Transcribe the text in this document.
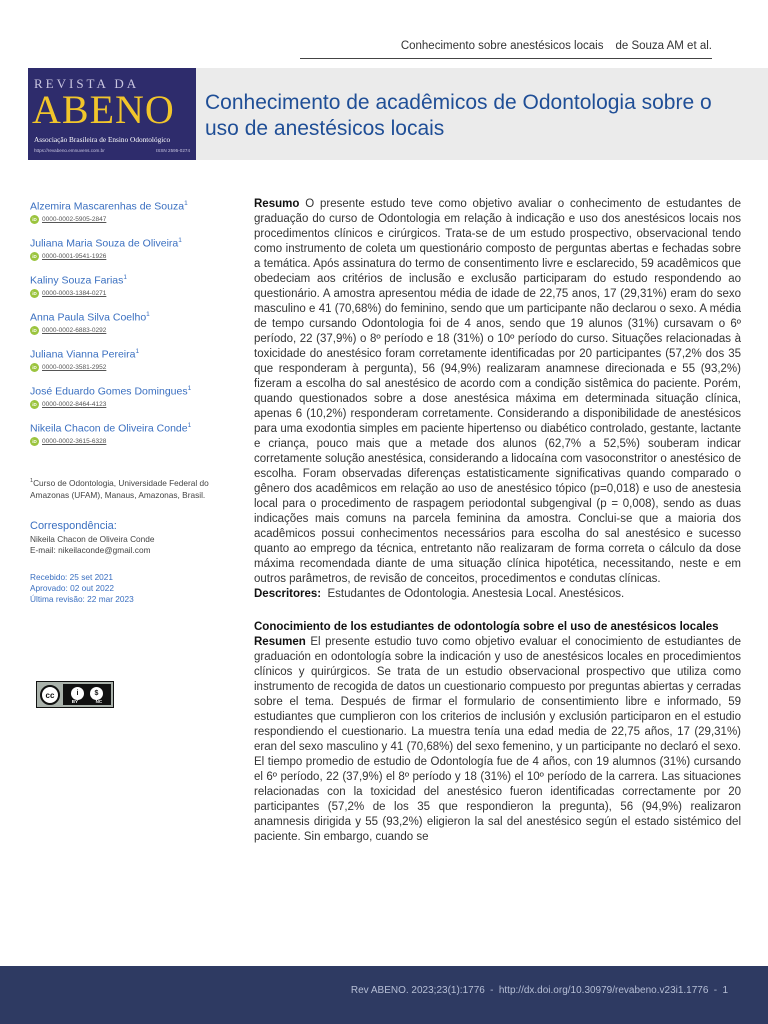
Conhecimento sobre anestésicos locais de Souza AM et al.
REVISTA DA
ABENO
Associação Brasileira de Ensino Odontológico
https://revabeno.emnuvens.com.br	ISSN 2595-0274
Conhecimento de acadêmicos de Odontologia sobre o uso de anestésicos locais
Alzemira Mascarenhas de Souza$^1$
iD 0000-0002-5905-2847
Juliana Maria Souza de Oliveira$^1$
iD 0000-0001-9541-1926
Kaliny Souza Farias$^1$
iD 0000-0003-1384-0271
Anna Paula Silva Coelho$^1$
iD 0000-0002-6883-0292
Juliana Vianna Pereira$^1$
iD 0000-0002-3581-2952
José Eduardo Gomes Domingues$^1$
iD 0000-0002-8464-4123
Nikeila Chacon de Oliveira Conde$^1$
iD 0000-0002-3615-6328
$^1$Curso de Odontologia, Universidade Federal do Amazonas (UFAM), Manaus, Amazonas, Brasil.
Correspondência:
Nikeila Chacon de Oliveira Conde
E-mail: nikeilaconde@gmail.com
Recebido: 25 set 2021
Aprovado: 02 out 2022
Última revisão: 22 mar 2023
cc	i	$
BY	NC

Resumo O presente estudo teve como objetivo avaliar o conhecimento de estudantes de graduação do curso de Odontologia em relação à indicação e uso dos anestésicos locais nos procedimentos clínicos e cirúrgicos. Trata-se de um estudo prospectivo, observacional tendo como instrumento de coleta um questionário composto de perguntas abertas e fechadas sobre a temática. Após assinatura do termo de consentimento livre e esclarecido, 59 acadêmicos que obedeciam aos critérios de inclusão e exclusão participaram do estudo respondendo ao questionário. A amostra apresentou média de idade de 22,75 anos, 17 (29,31%) eram do sexo masculino e 41 (70,68%) do feminino, sendo que um participante não declarou o sexo. A média de tempo cursando Odontologia foi de 4 anos, sendo que 19 alunos (31%) cursavam o 6º período, 22 (37,9%) o 8º período e 18 (31%) o 10º período do curso. Situações relacionadas à toxicidade do anestésico foram corretamente identificadas por 20 participantes (57,2% dos 35 que responderam à pergunta), 56 (94,9%) realizaram anamnese direcionada e 55 (93,2%) fizeram a escolha do sal anestésico de acordo com a condição sistêmica do paciente. Porém, quando questionados sobre a dose anestésica máxima em determinada situação clínica, apenas 6 (10,2%) responderam corretamente. Considerando a disponibilidade de anestésicos para uma exodontia simples em paciente hipertenso ou diabético controlado, gestante, lactante e criança, pouco mais que a metade dos alunos (62,7% a 52,5%) souberam indicar corretamente solução anestésica, considerando a lidocaína com vasoconstritor o anestésico de escolha. Foram observadas diferenças estatisticamente significativas quando comparado o gênero dos acadêmicos em relação ao uso de anestésico tópico (p=0,018) e uso de anestesia local para o procedimento de raspagem periodontal subgengival (p = 0,008), sendo as duas indicações mais comuns na parcela feminina da amostra. Conclui-se que a maioria dos acadêmicos possui conhecimentos necessários para escolha do sal anestésico e sucesso quanto ao emprego da técnica, entretanto não realizaram de forma correta o cálculo da dose máxima recomendada diante de uma situação clínica hipotética, necessitando, neste e em outros parâmetros, de revisão de conceitos, procedimentos e condutas clínicas.

Descritores: Estudantes de Odontologia. Anestesia Local. Anestésicos.

Conocimiento de los estudiantes de odontología sobre el uso de anestésicos locales

Resumen El presente estudio tuvo como objetivo evaluar el conocimiento de estudiantes de graduación en odontología sobre la indicación y uso de anestésicos locales en procedimientos clínicos y quirúrgicos. Se trata de un estudio observacional prospectivo que utiliza como instrumento de recogida de datos un cuestionario compuesto por preguntas abiertas y cerradas sobre el tema. Después de firmar el formulario de consentimiento libre e informado, 59 estudiantes que cumplieron con los criterios de inclusión y exclusión participaron en el estudio respondiendo el cuestionario. La muestra tenía una edad media de 22,75 años, 17 (29,31%) eran del sexo masculino y 41 (70,68%) del sexo femenino, y un participante no declaró el sexo. El tiempo promedio de estudio de Odontología fue de 4 años, con 19 alumnos (31%) cursando el 6º período, 22 (37,9%) el 8º período y 18 (31%) el 10º período de la carrera. Las situaciones relacionadas con la toxicidad del anestésico fueron identificadas correctamente por 20 participantes (57,2% de los 35 que respondieron la pregunta), 56 (94,9%) realizaron anamnesis dirigida y 55 (93,2%) eligieron la sal del anestésico según el estado sistémico del paciente. Sin embargo, cuando se

Rev ABENO. 2023;23(1):1776 - http://dx.doi.org/10.30979/revabeno.v23i1.1776 - 1
